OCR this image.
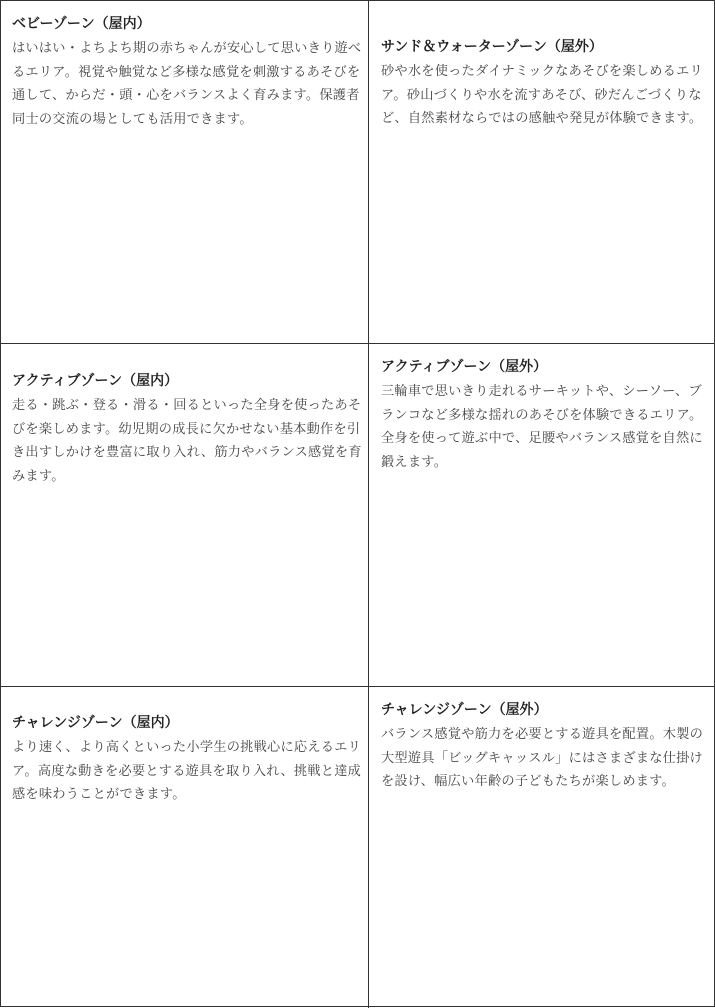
ベビーゾーン（屋内）

はいはい・よちよち期の赤ちゃんが安心して思いきり遊べるエリア。視覚や触覚など多様な感覚を刺激するあそびを通して、からだ・頭・心をバランスよく育みます。保護者同士の交流の場としても活用できます。

サンド＆ウォーターゾーン（屋外）

砂や水を使ったダイナミックなあそびを楽しめるエリア。砂山づくりや水を流すあそび、砂だんごづくりなど、自然素材ならではの感触や発見が体験できます。

アクティブゾーン（屋内）

走る・跳ぶ・登る・滑る・回るといった全身を使ったあそびを楽しめます。幼児期の成長に欠かせない基本動作を引き出すしかけを豊富に取り入れ、筋力やバランス感覚を育みます。

アクティブゾーン（屋外）

三輪車で思いきり走れるサーキットや、シーソー、ブランコなど多様な揺れのあそびを体験できるエリア。全身を使って遊ぶ中で、足腰やバランス感覚を自然に鍛えます。

チャレンジゾーン（屋内）

より速く、より高くといった小学生の挑戦心に応えるエリア。高度な動きを必要とする遊具を取り入れ、挑戦と達成感を味わうことができます。

チャレンジゾーン（屋外）

バランス感覚や筋力を必要とする遊具を配置。木製の大型遊具「ビッグキャッスル」にはさまざまな仕掛けを設け、幅広い年齢の子どもたちが楽しめます。
